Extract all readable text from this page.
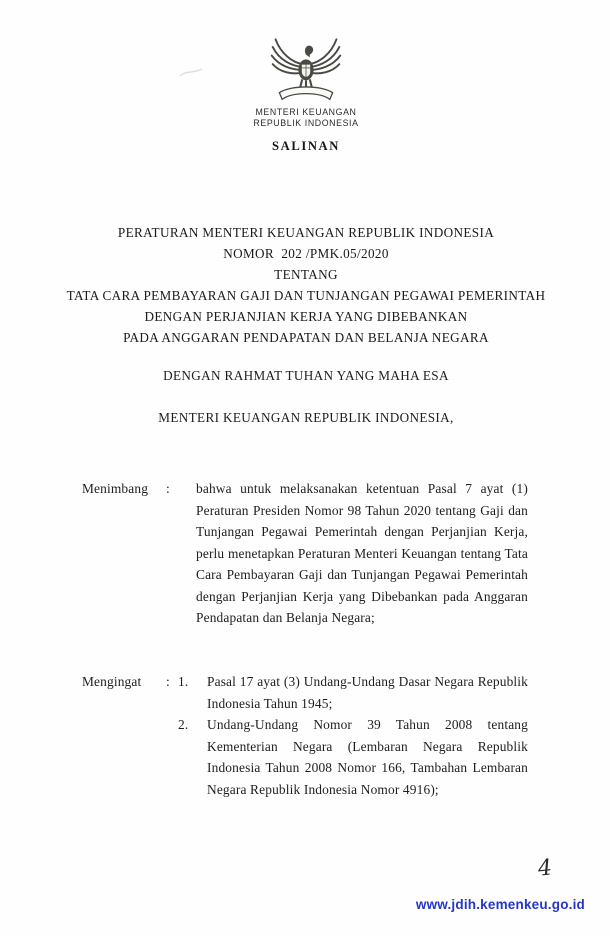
MENTERI KEUANGAN
REPUBLIK INDONESIA
SALINAN
PERATURAN MENTERI KEUANGAN REPUBLIK INDONESIA
NOMOR  202 /PMK.05/2020
TENTANG
TATA CARA PEMBAYARAN GAJI DAN TUNJANGAN PEGAWAI PEMERINTAH
DENGAN PERJANJIAN KERJA YANG DIBEBANKAN
PADA ANGGARAN PENDAPATAN DAN BELANJA NEGARA
DENGAN RAHMAT TUHAN YANG MAHA ESA
MENTERI KEUANGAN REPUBLIK INDONESIA,
Menimbang	:	bahwa untuk melaksanakan ketentuan Pasal 7 ayat (1) Peraturan Presiden Nomor 98 Tahun 2020 tentang Gaji dan Tunjangan Pegawai Pemerintah dengan Perjanjian Kerja, perlu menetapkan Peraturan Menteri Keuangan tentang Tata Cara Pembayaran Gaji dan Tunjangan Pegawai Pemerintah dengan Perjanjian Kerja yang Dibebankan pada Anggaran Pendapatan dan Belanja Negara;
Mengingat	: 1.	Pasal 17 ayat (3) Undang-Undang Dasar Negara Republik Indonesia Tahun 1945;
2.	Undang-Undang Nomor 39 Tahun 2008 tentang Kementerian Negara (Lembaran Negara Republik Indonesia Tahun 2008 Nomor 166, Tambahan Lembaran Negara Republik Indonesia Nomor 4916);
4
www.jdih.kemenkeu.go.id
